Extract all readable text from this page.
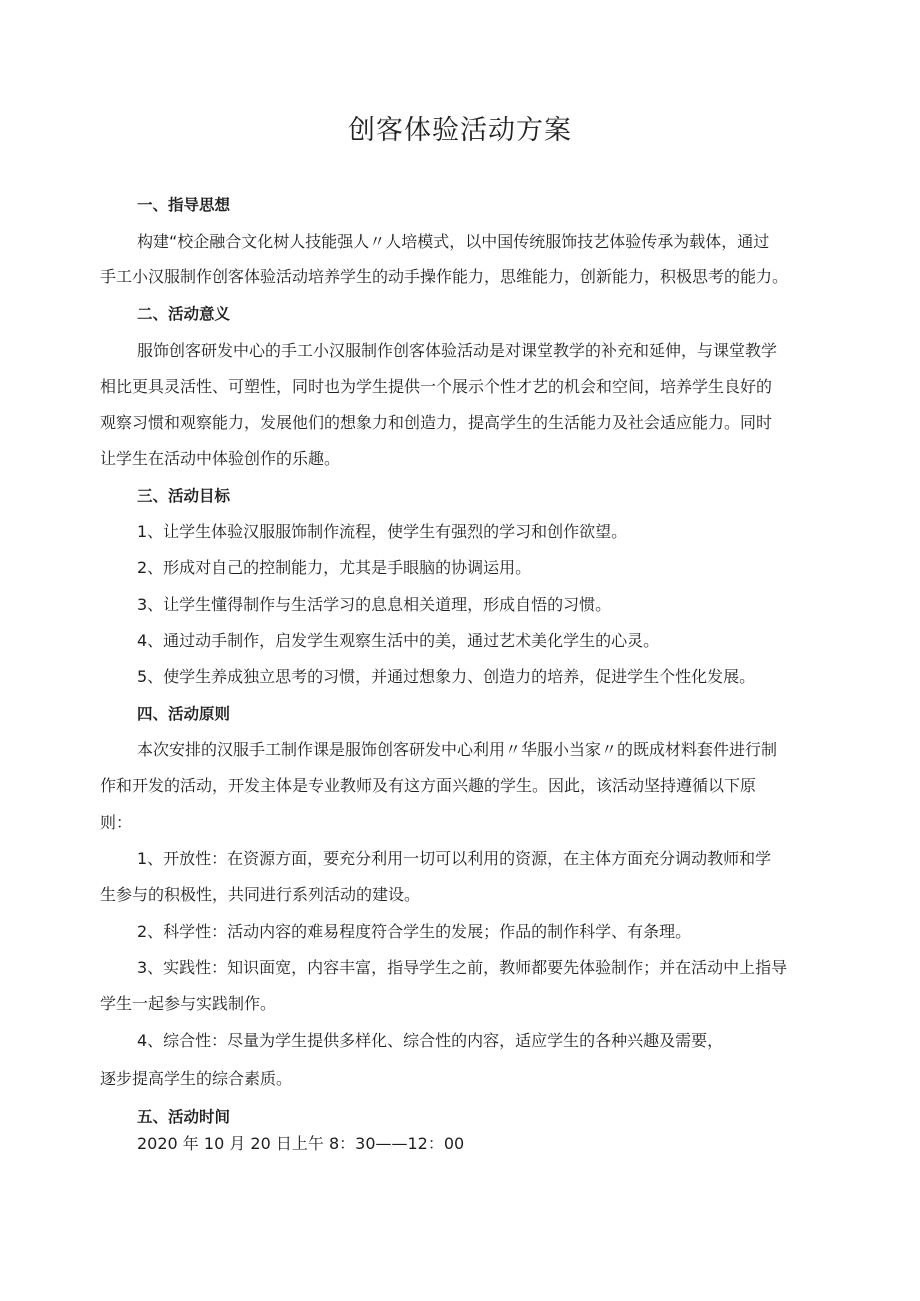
创客体验活动方案
一、指导思想
构建“校企融合文化树人技能强人〃人培模式，以中国传统服饰技艺体验传承为载体，通过
手工小汉服制作创客体验活动培养学生的动手操作能力，思维能力，创新能力，积极思考的能力。
二、活动意义
服饰创客研发中心的手工小汉服制作创客体验活动是对课堂教学的补充和延伸，与课堂教学
相比更具灵活性、可塑性，同时也为学生提供一个展示个性才艺的机会和空间，培养学生良好的
观察习惯和观察能力，发展他们的想象力和创造力，提高学生的生活能力及社会适应能力。同时
让学生在活动中体验创作的乐趣。
三、活动目标
1、让学生体验汉服服饰制作流程，使学生有强烈的学习和创作欲望。
2、形成对自己的控制能力，尤其是手眼脑的协调运用。
3、让学生懂得制作与生活学习的息息相关道理，形成自悟的习惯。
4、通过动手制作，启发学生观察生活中的美，通过艺术美化学生的心灵。
5、使学生养成独立思考的习惯，并通过想象力、创造力的培养，促进学生个性化发展。
四、活动原则
本次安排的汉服手工制作课是服饰创客研发中心利用〃华服小当家〃的既成材料套件进行制
作和开发的活动，开发主体是专业教师及有这方面兴趣的学生。因此，该活动坚持遵循以下原
则：
1、开放性：在资源方面，要充分利用一切可以利用的资源，在主体方面充分调动教师和学
生参与的积极性，共同进行系列活动的建设。
2、科学性：活动内容的难易程度符合学生的发展；作品的制作科学、有条理。
3、实践性：知识面宽，内容丰富，指导学生之前，教师都要先体验制作；并在活动中上指导
学生一起参与实践制作。
4、综合性：尽量为学生提供多样化、综合性的内容，适应学生的各种兴趣及需要，
逐步提高学生的综合素质。
五、活动时间
2020 年 10 月 20 日上午 8：30——12：00
